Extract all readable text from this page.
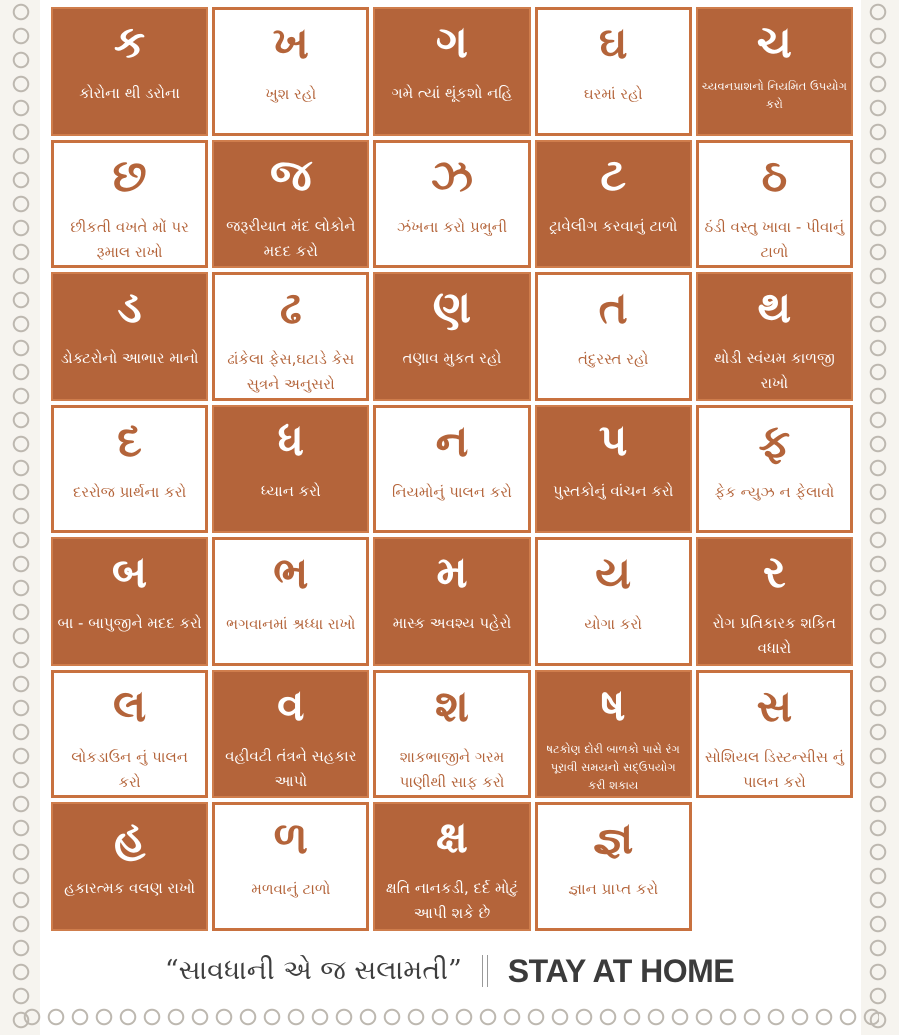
ક
કોરોના થી ડરોના
ખ
ખુશ રહો
ગ
ગમે ત્યાં થૂંકશો નહિ
ઘ
ઘરમાં રહો
ચ
ચ્યવનપ્રાશનો નિયમિત ઉપયોગ કરો
છ
છીકતી વખતે મોં પર રૂમાલ રાખો
જ
જરૂરીયાત મંદ લોકોને મદદ કરો
ઝ
ઝંખના કરો પ્રભુની
ટ
ટ્રાવેલીગ કરવાનું ટાળો
ઠ
ઠંડી વસ્તુ ખાવા - પીવાનું ટાળો
ડ
ડોક્ટરોનો આભાર માનો
ઢ
ઢાંકેલા ફેસ,ઘટાડે કેસ સુત્રને અનુસરો
ણ
તણાવ મુકત રહો
ત
તંદુરસ્ત રહો
થ
થોડી સ્વંયમ કાળજી રાખો
દ
દરરોજ પ્રાર્થના કરો
ધ
ધ્યાન કરો
ન
નિયમોનું પાલન કરો
પ
પુસ્તકોનું વાંચન કરો
ફ
ફેક ન્યુઝ ન ફેલાવો
બ
બા - બાપુજીને મદદ કરો
ભ
ભગવાનમાં શ્રધ્ધા રાખો
મ
માસ્ક અવશ્ય પહેરો
ય
યોગા કરો
ર
રોગ પ્રતિકારક શકિત વધારો
લ
લોકડાઉન નું પાલન કરો
વ
વહીવટી તંત્રને સહકાર આપો
શ
શાકભાજીને ગરમ પાણીથી સાફ કરો
ષ
ષટકોણ દોરી બાળકો પાસે રંગ પૂરાવી સમયનો સદ્ઉપયોગ કરી શકાય
સ
સોશિયલ ડિસ્ટન્સીસ નું પાલન કરો
હ
હકારત્મક વલણ રાખો
ળ
મળવાનું ટાળો
ક્ષ
ક્ષતિ નાનકડી, દર્દ મોટું આપી શકે છે
જ્ઞ
જ્ઞાન પ્રાપ્ત કરો
“સાવધાની એ જ સલામતી” STAY AT HOME
